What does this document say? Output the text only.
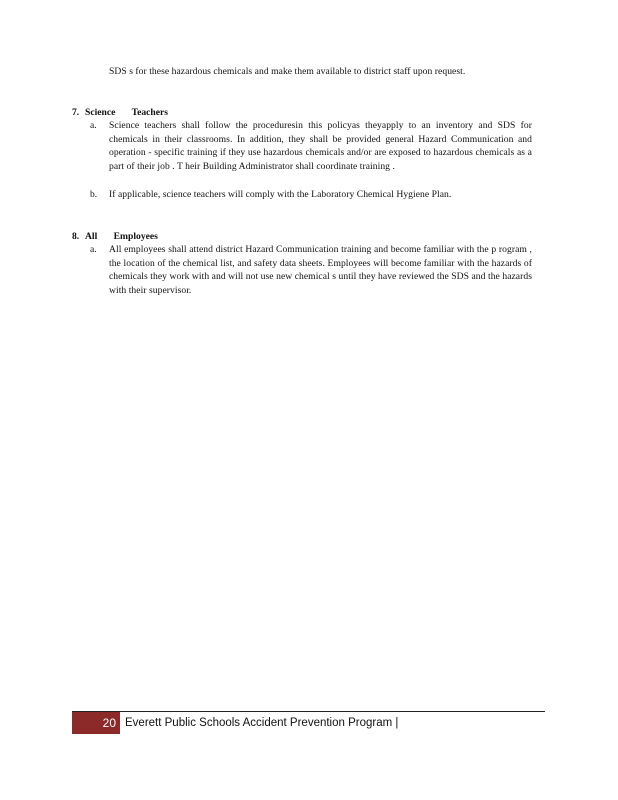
SDS s for these hazardous chemicals and make them available to district staff upon request.
7. Science Teachers
a. Science teachers shall follow the proceduresin this policyas theyapply to an inventory and SDS for chemicals in their classrooms. In addition, they shall be provided general Hazard Communication and operation - specific training if they use hazardous chemicals and/or are exposed to hazardous chemicals as a part of their job . T heir Building Administrator shall coordinate training .
b. If applicable, science teachers will comply with the Laboratory Chemical Hygiene Plan.
8. All Employees
a. All employees shall attend district Hazard Communication training and become familiar with the p rogram , the location of the chemical list, and safety data sheets. Employees will become familiar with the hazards of chemicals they work with and will not use new chemical s until they have reviewed the SDS and the hazards with their supervisor.
20 Everett Public Schools Accident Prevention Program |
